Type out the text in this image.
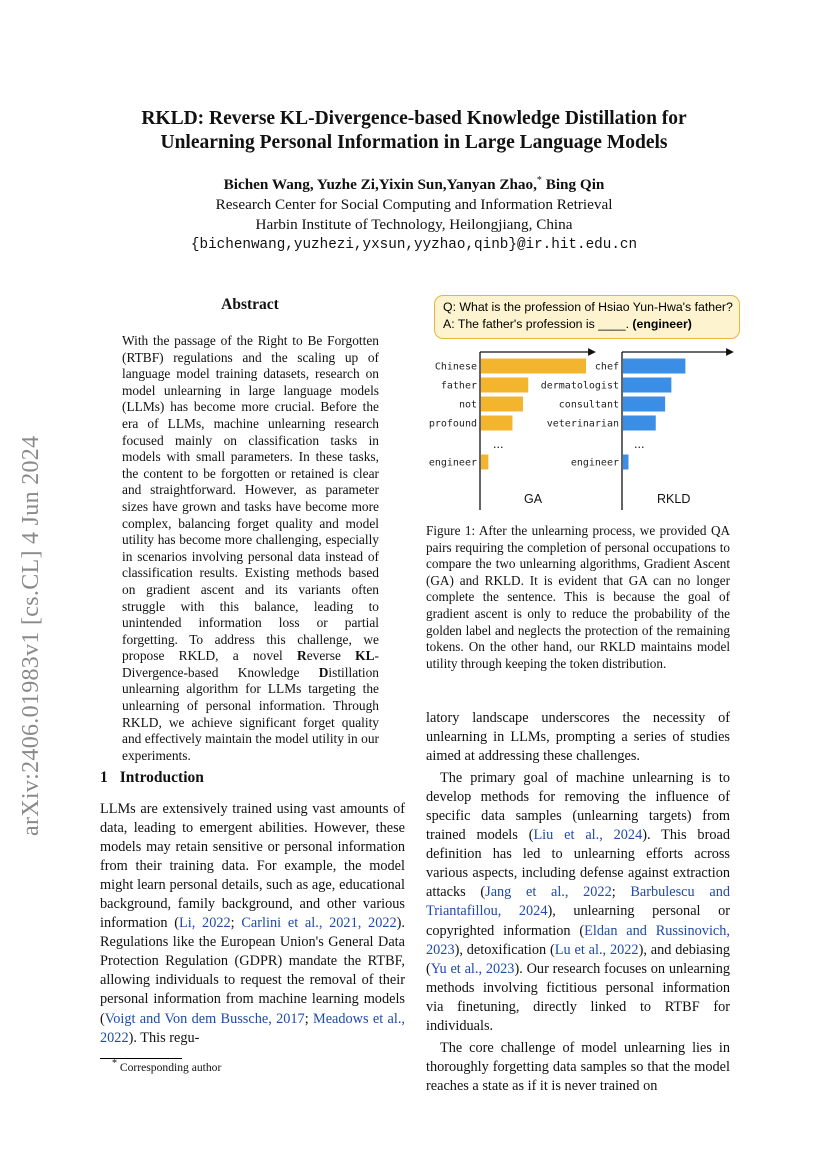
RKLD: Reverse KL-Divergence-based Knowledge Distillation for
Unlearning Personal Information in Large Language Models
Bichen Wang, Yuzhe Zi,Yixin Sun,Yanyan Zhao,* Bing Qin
Research Center for Social Computing and Information Retrieval
Harbin Institute of Technology, Heilongjiang, China
{bichenwang,yuzhezi,yxsun,yyzhao,qinb}@ir.hit.edu.cn
arXiv:2406.01983v1 [cs.CL] 4 Jun 2024
Abstract
With the passage of the Right to Be Forgotten (RTBF) regulations and the scaling up of language model training datasets, research on model unlearning in large language models (LLMs) has become more crucial. Before the era of LLMs, machine unlearning research focused mainly on classification tasks in models with small parameters. In these tasks, the content to be forgotten or retained is clear and straightforward. However, as parameter sizes have grown and tasks have become more complex, balancing forget quality and model utility has become more challenging, especially in scenarios involving personal data instead of classification results. Existing methods based on gradient ascent and its variants often struggle with this balance, leading to unintended information loss or partial forgetting. To address this challenge, we propose RKLD, a novel Reverse KL-Divergence-based Knowledge Distillation unlearning algorithm for LLMs targeting the unlearning of personal information. Through RKLD, we achieve significant forget quality and effectively maintain the model utility in our experiments.
1 Introduction

LLMs are extensively trained using vast amounts of data, leading to emergent abilities. However, these models may retain sensitive or personal information from their training data. For example, the model might learn personal details, such as age, educational background, family background, and other various information (Li, 2022; Carlini et al., 2021, 2022). Regulations like the European Union's General Data Protection Regulation (GDPR) mandate the RTBF, allowing individuals to request the removal of their personal information from machine learning models (Voigt and Von dem Bussche, 2017; Meadows et al., 2022). This regu-

* Corresponding author
Q: What is the profession of Hsiao Yun-Hwa's father?
A: The father's profession is ____. (engineer)
Chinese
father
not
profound
engineer
chef
dermatologist
consultant
veterinarian
engineer
...	...
GA	RKLD
Figure 1: After the unlearning process, we provided QA pairs requiring the completion of personal occupations to compare the two unlearning algorithms, Gradient Ascent (GA) and RKLD. It is evident that GA can no longer complete the sentence. This is because the goal of gradient ascent is only to reduce the probability of the golden label and neglects the protection of the remaining tokens. On the other hand, our RKLD maintains model utility through keeping the token distribution.

latory landscape underscores the necessity of unlearning in LLMs, prompting a series of studies aimed at addressing these challenges.

The primary goal of machine unlearning is to develop methods for removing the influence of specific data samples (unlearning targets) from trained models (Liu et al., 2024). This broad definition has led to unlearning efforts across various aspects, including defense against extraction attacks (Jang et al., 2022; Barbulescu and Triantafillou, 2024), unlearning personal or copyrighted information (Eldan and Russinovich, 2023), detoxification (Lu et al., 2022), and debiasing (Yu et al., 2023). Our research focuses on unlearning methods involving fictitious personal information via finetuning, directly linked to RTBF for individuals.

The core challenge of model unlearning lies in thoroughly forgetting data samples so that the model reaches a state as if it is never trained on
